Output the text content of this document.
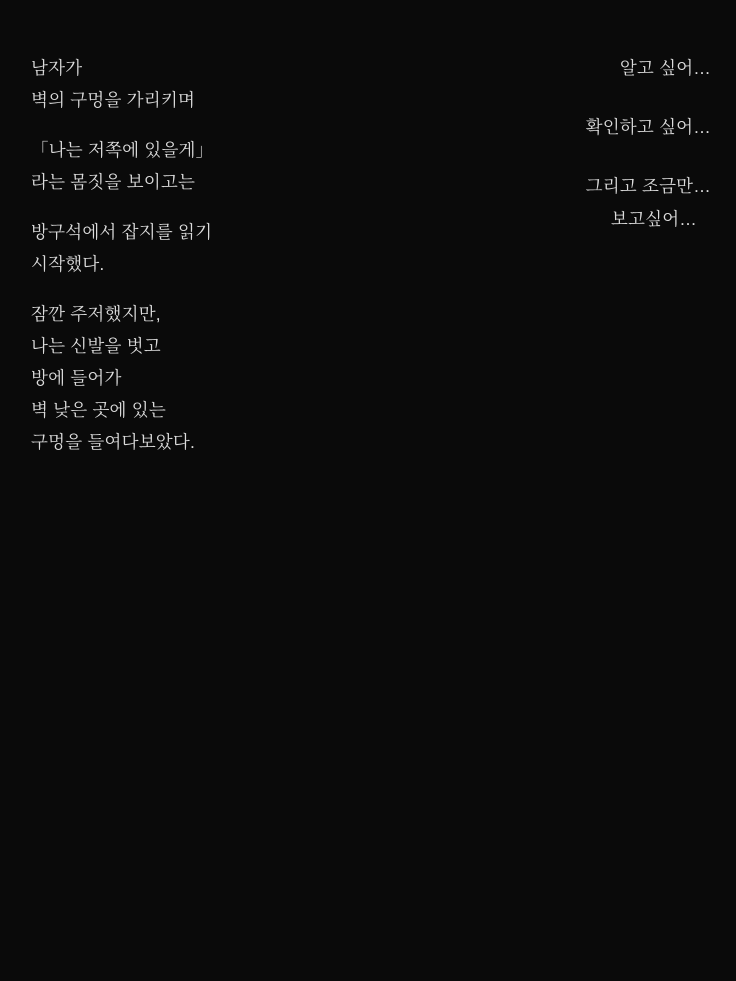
남자가
벽의 구멍을 가리키며
「나는 저쪽에 있을게」
라는 몸짓을 보이고는
방구석에서 잡지를 읽기
시작했다.
잠깐 주저했지만,
나는 신발을 벗고
방에 들어가
벽 낮은 곳에 있는
구멍을 들여다보았다.
알고 싶어…
확인하고 싶어…
그리고 조금만…
보고싶어…
